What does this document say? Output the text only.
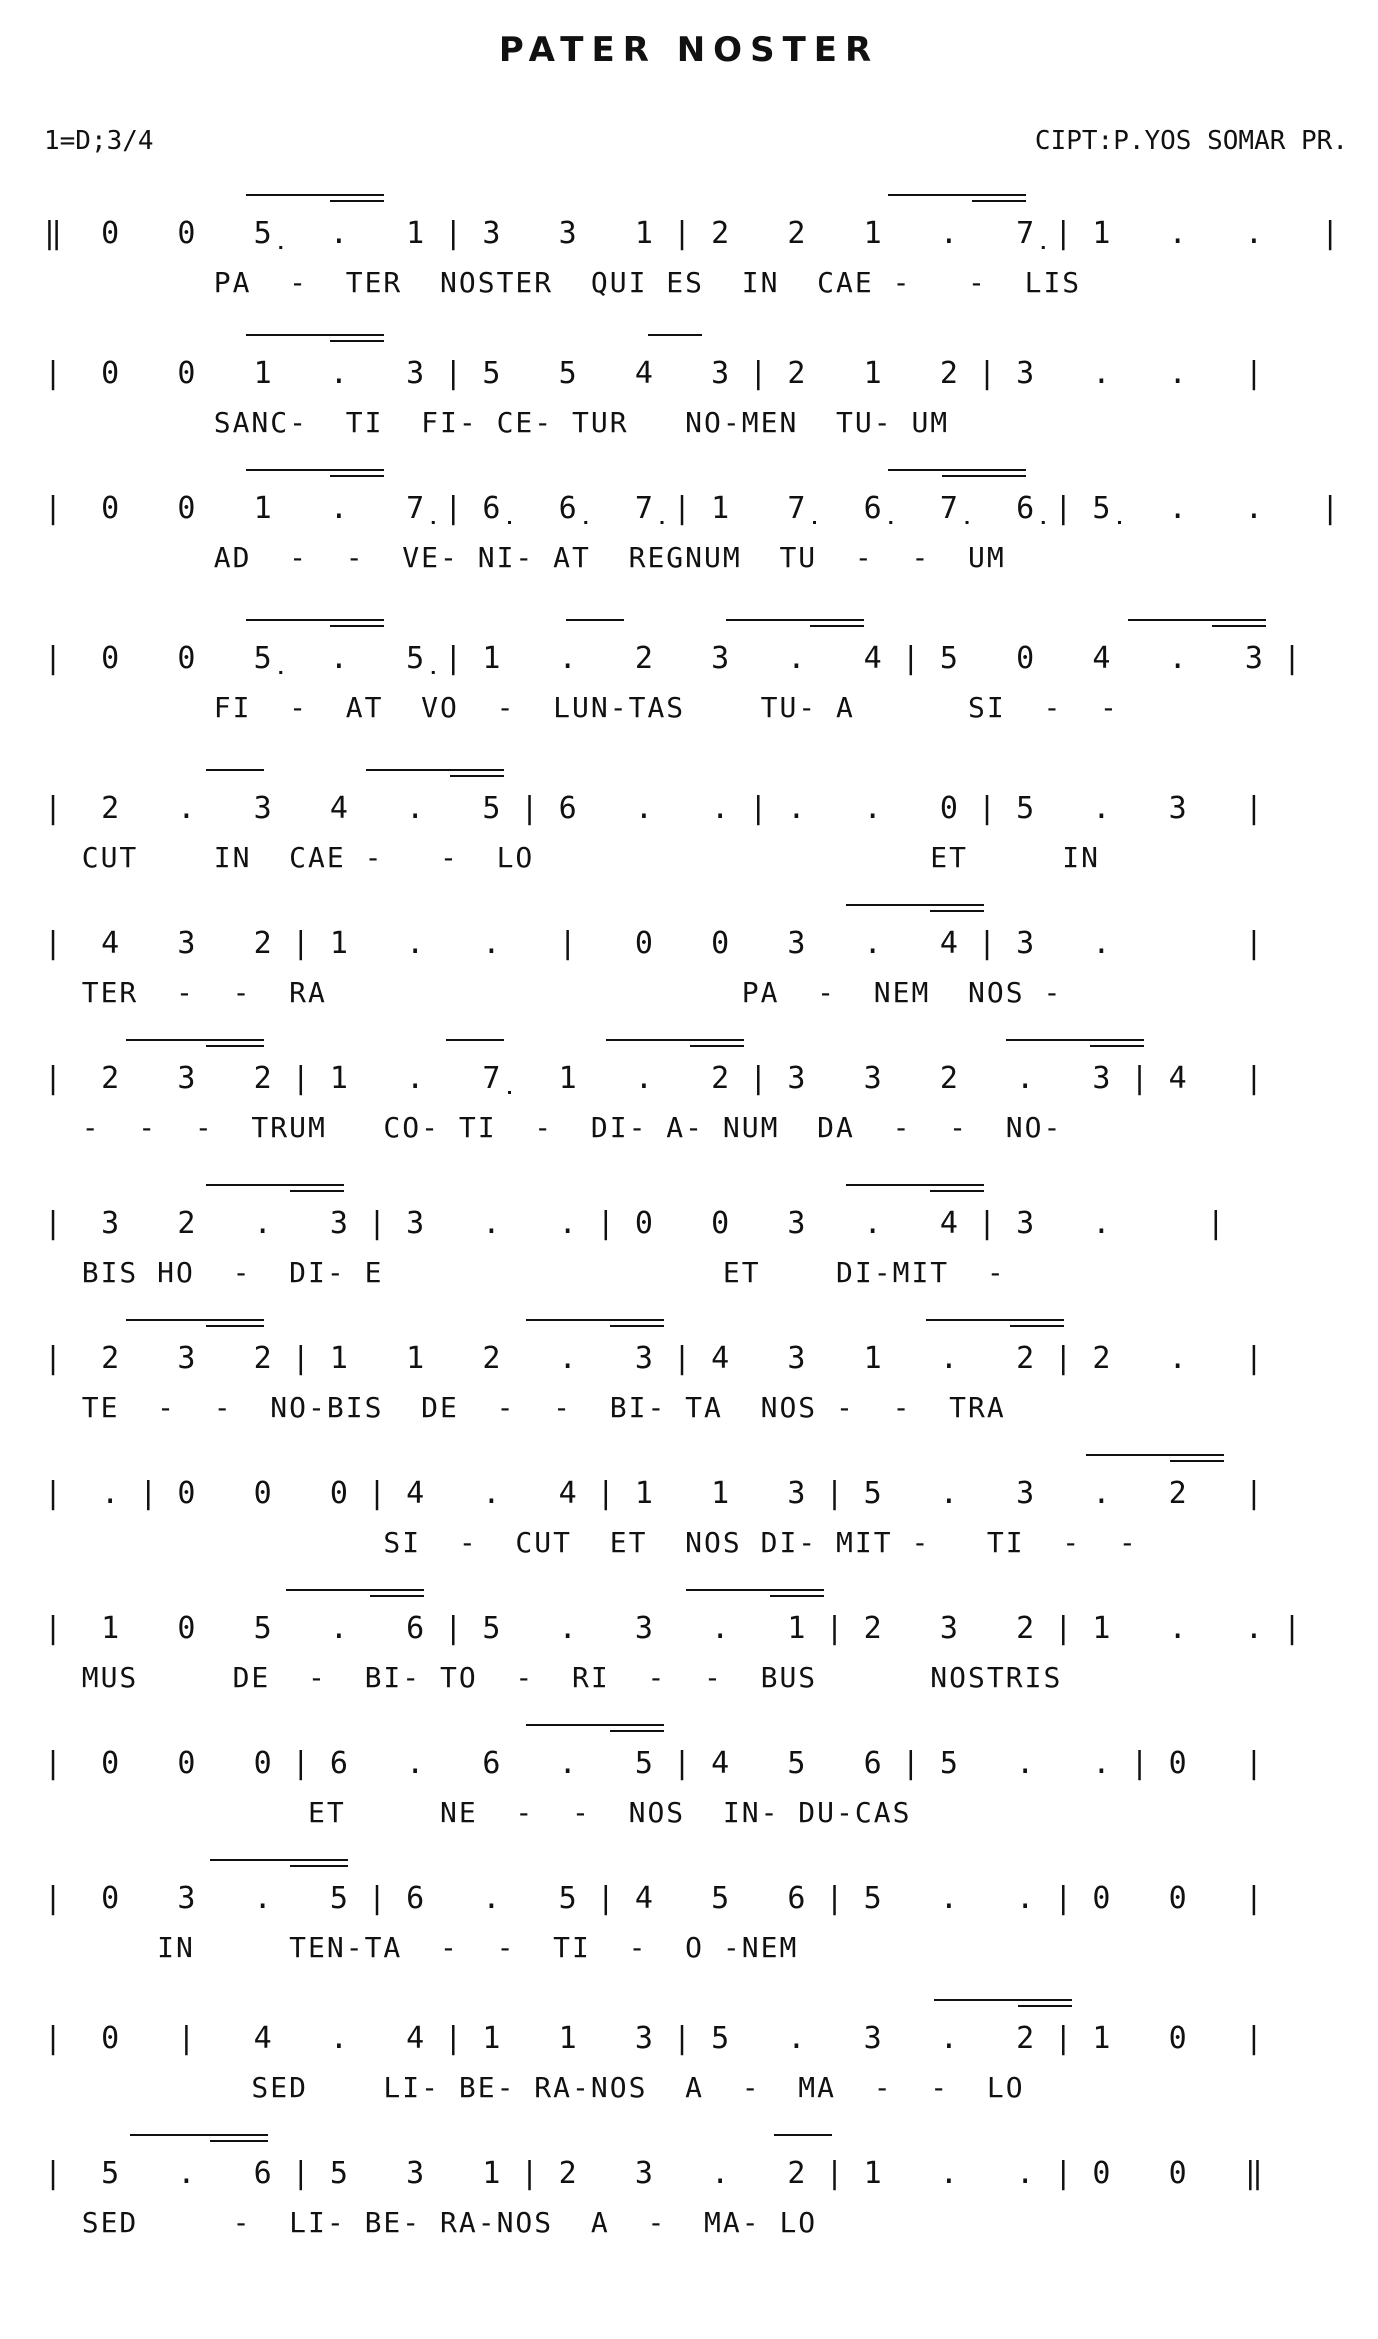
PATER NOSTER
1=D;3/4	CIPT:P.YOS SOMAR PR.
‖  0   0   5̣   .   1 | 3   3   1 | 2   2   1   .   7̣ | 1   .   .   |
PA  -  TER  NOSTER  QUI ES  IN  CAE -   -  LIS
|  0   0   1   .   3 | 5   5   4   3 | 2   1   2 | 3   .   .   |
SANC-  TI  FI- CE- TUR   NO-MEN  TU- UM
|  0   0   1   .   7̣ | 6̣   6̣   7̣ | 1   7̣   6̣   7̣   6̣ | 5̣   .   .   |
AD  -  -  VE- NI- AT  REGNUM  TU  -  -  UM
|  0   0   5̣   .   5̣ | 1   .   2   3   .   4 | 5   0   4   .   3 |
FI  -  AT  VO  -  LUN-TAS    TU- A      SI  -  -
|  2   .   3   4   .   5 | 6   .   . | .   .   0 | 5   .   3   |
CUT    IN  CAE -   -  LO                     ET     IN
|  4   3   2 | 1   .   .   |   0   0   3   .   4 | 3   .       |
TER  -  -  RA                      PA  -  NEM  NOS -
|  2   3   2 | 1   .   7̣   1   .   2 | 3   3   2   .   3 | 4   |
-  -  -  TRUM   CO- TI  -  DI- A- NUM  DA  -  -  NO-
|  3   2   .   3 | 3   .   . | 0   0   3   .   4 | 3   .     |
BIS HO  -  DI- E                  ET    DI-MIT  -
|  2   3   2 | 1   1   2   .   3 | 4   3   1   .   2 | 2   .   |
TE  -  -  NO-BIS  DE  -  -  BI- TA  NOS -  -  TRA
|  . | 0   0   0 | 4   .   4 | 1   1   3 | 5   .   3   .   2   |
SI  -  CUT  ET  NOS DI- MIT -   TI  -  -
|  1   0   5   .   6 | 5   .   3   .   1 | 2   3   2 | 1   .   . |
MUS     DE  -  BI- TO  -  RI  -  -  BUS      NOSTRIS
|  0   0   0 | 6   .   6   .   5 | 4   5   6 | 5   .   . | 0   |
ET     NE  -  -  NOS  IN- DU-CAS
|  0   3   .   5 | 6   .   5 | 4   5   6 | 5   .   . | 0   0   |
IN     TEN-TA  -  -  TI  -  O -NEM
|  0   |   4   .   4 | 1   1   3 | 5   .   3   .   2 | 1   0   |
SED    LI- BE- RA-NOS  A  -  MA  -  -  LO
|  5   .   6 | 5   3   1 | 2   3   .   2 | 1   .   . | 0   0   ‖
SED     -  LI- BE- RA-NOS  A  -  MA- LO
